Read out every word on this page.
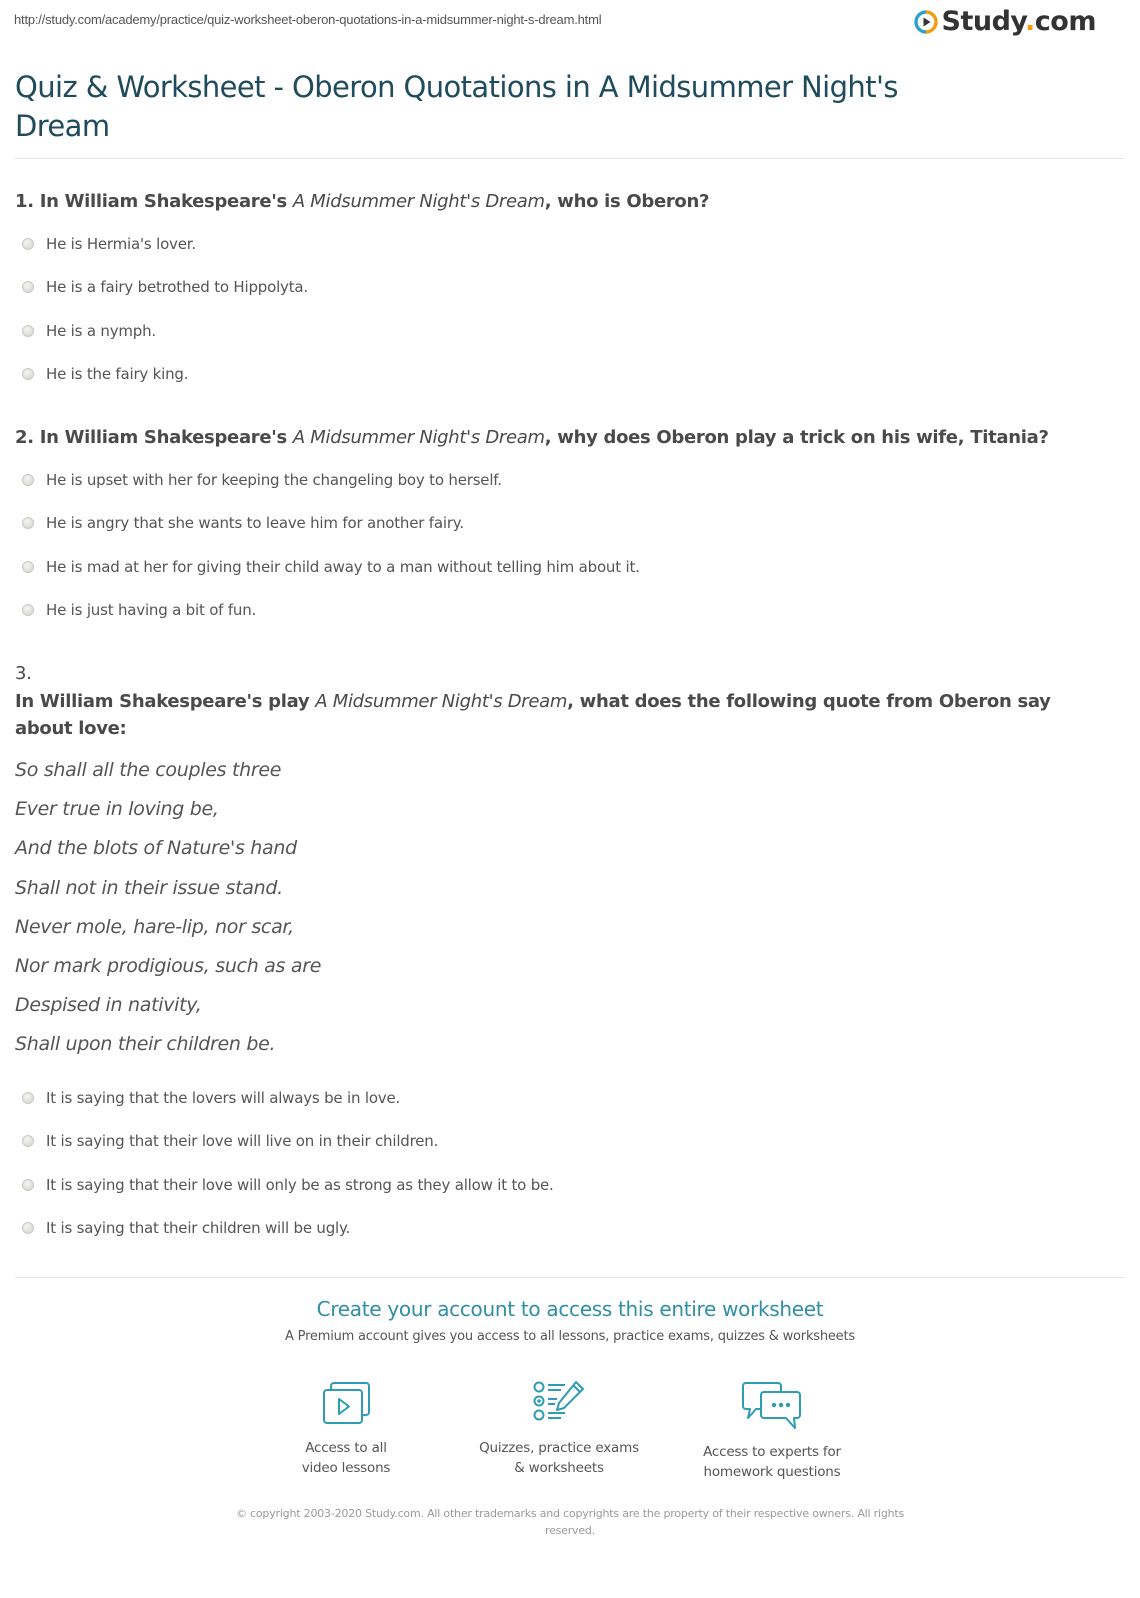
http://study.com/academy/practice/quiz-worksheet-oberon-quotations-in-a-midsummer-night-s-dream.html	Study.com
Quiz & Worksheet - Oberon Quotations in A Midsummer Night's Dream
1. In William Shakespeare's A Midsummer Night's Dream, who is Oberon?
He is Hermia's lover.
He is a fairy betrothed to Hippolyta.
He is a nymph.
He is the fairy king.
2. In William Shakespeare's A Midsummer Night's Dream, why does Oberon play a trick on his wife, Titania?
He is upset with her for keeping the changeling boy to herself.
He is angry that she wants to leave him for another fairy.
He is mad at her for giving their child away to a man without telling him about it.
He is just having a bit of fun.
3.
In William Shakespeare's play A Midsummer Night's Dream, what does the following quote from Oberon say about love:
So shall all the couples three
Ever true in loving be,
And the blots of Nature's hand
Shall not in their issue stand.
Never mole, hare-lip, nor scar,
Nor mark prodigious, such as are
Despised in nativity,
Shall upon their children be.
It is saying that the lovers will always be in love.
It is saying that their love will live on in their children.
It is saying that their love will only be as strong as they allow it to be.
It is saying that their children will be ugly.
Create your account to access this entire worksheet
A Premium account gives you access to all lessons, practice exams, quizzes & worksheets
Access to all
video lessons
Quizzes, practice exams
& worksheets
Access to experts for
homework questions
© copyright 2003-2020 Study.com. All other trademarks and copyrights are the property of their respective owners. All rights
reserved.
